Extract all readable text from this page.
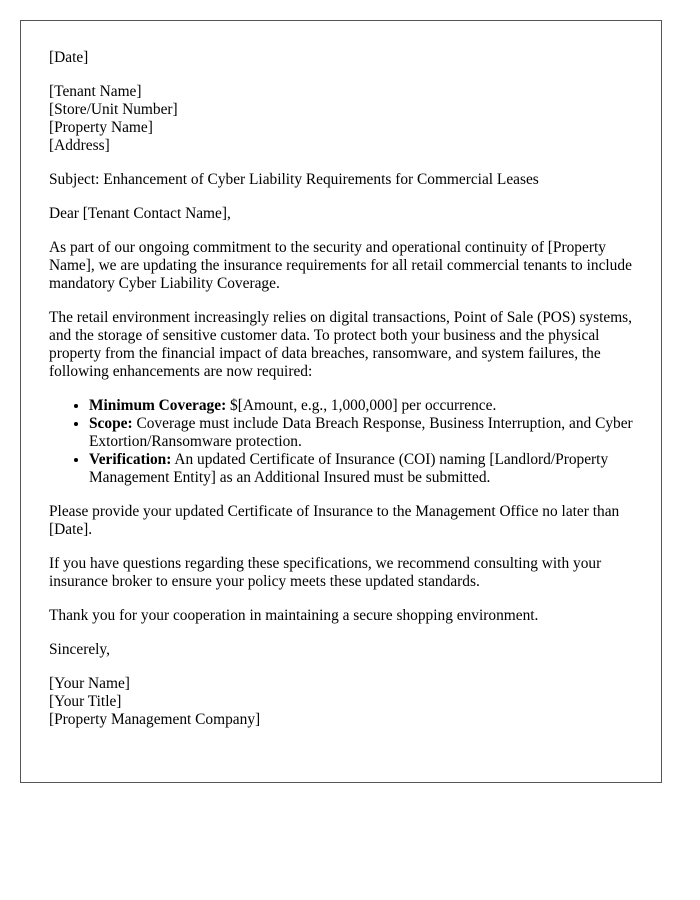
[Date]

[Tenant Name]
[Store/Unit Number]
[Property Name]
[Address]

Subject: Enhancement of Cyber Liability Requirements for Commercial Leases

Dear [Tenant Contact Name],

As part of our ongoing commitment to the security and operational continuity of [Property Name], we are updating the insurance requirements for all retail commercial tenants to include mandatory Cyber Liability Coverage.

The retail environment increasingly relies on digital transactions, Point of Sale (POS) systems, and the storage of sensitive customer data. To protect both your business and the physical property from the financial impact of data breaches, ransomware, and system failures, the following enhancements are now required:

• Minimum Coverage: $[Amount, e.g., 1,000,000] per occurrence.
• Scope: Coverage must include Data Breach Response, Business Interruption, and Cyber Extortion/Ransomware protection.
• Verification: An updated Certificate of Insurance (COI) naming [Landlord/Property Management Entity] as an Additional Insured must be submitted.

Please provide your updated Certificate of Insurance to the Management Office no later than [Date].

If you have questions regarding these specifications, we recommend consulting with your insurance broker to ensure your policy meets these updated standards.

Thank you for your cooperation in maintaining a secure shopping environment.

Sincerely,

[Your Name]
[Your Title]
[Property Management Company]
